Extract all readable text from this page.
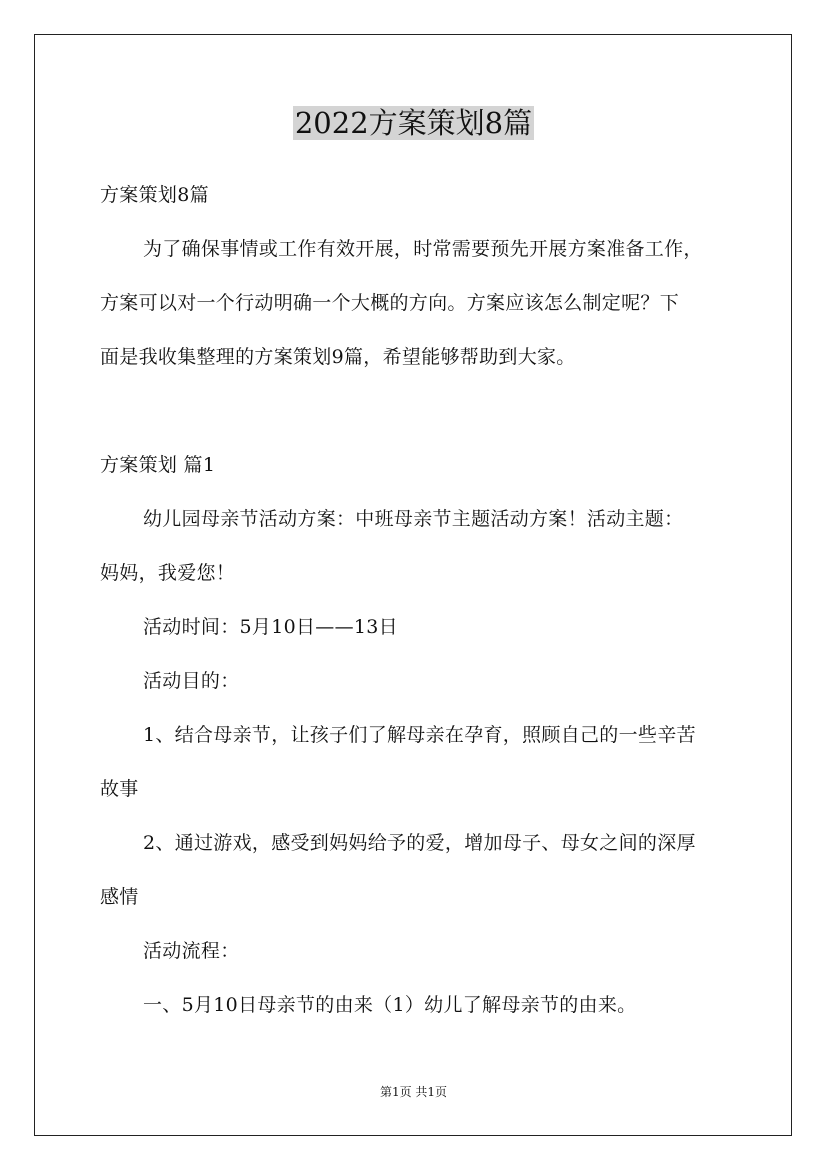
2022方案策划8篇
方案策划8篇
为了确保事情或工作有效开展，时常需要预先开展方案准备工作，
方案可以对一个行动明确一个大概的方向。方案应该怎么制定呢？下
面是我收集整理的方案策划9篇，希望能够帮助到大家。
方案策划 篇1
幼儿园母亲节活动方案：中班母亲节主题活动方案！活动主题：
妈妈，我爱您！
活动时间：5月10日——13日
活动目的：
1、结合母亲节，让孩子们了解母亲在孕育，照顾自己的一些辛苦
故事
2、通过游戏，感受到妈妈给予的爱，增加母子、母女之间的深厚
感情
活动流程：
一、5月10日母亲节的由来（1）幼儿了解母亲节的由来。
第1页 共1页
